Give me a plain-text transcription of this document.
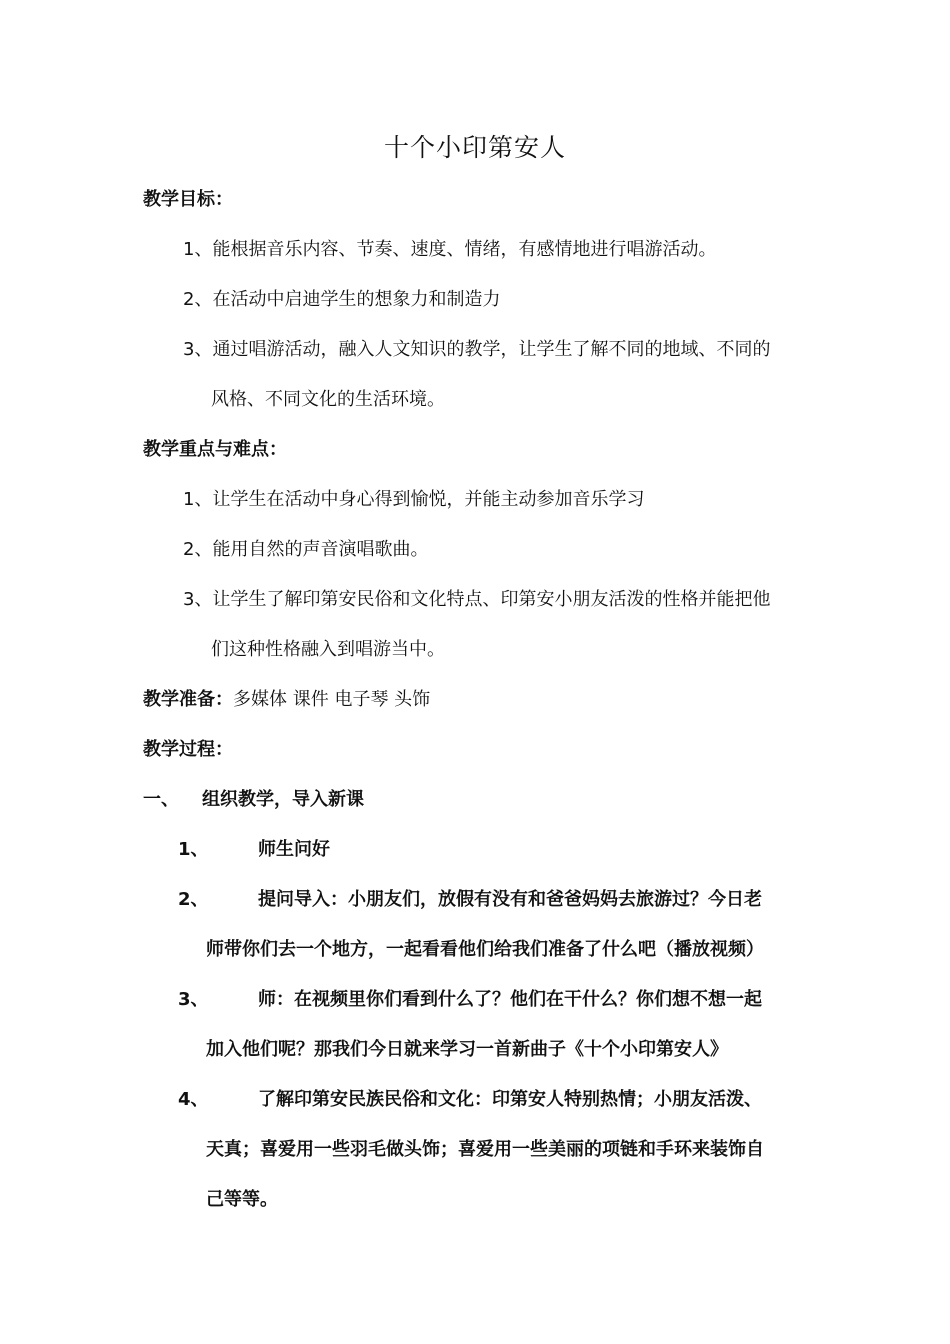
十个小印第安人
教学目标：
1、能根据音乐内容、节奏、速度、情绪，有感情地进行唱游活动。
2、在活动中启迪学生的想象力和制造力
3、通过唱游活动，融入人文知识的教学，让学生了解不同的地域、不同的
风格、不同文化的生活环境。
教学重点与难点：
1、让学生在活动中身心得到愉悦，并能主动参加音乐学习
2、能用自然的声音演唱歌曲。
3、让学生了解印第安民俗和文化特点、印第安小朋友活泼的性格并能把他
们这种性格融入到唱游当中。
教学准备：多媒体 课件 电子琴 头饰
教学过程：
一、 组织教学，导入新课
1、	师生问好
2、	提问导入：小朋友们，放假有没有和爸爸妈妈去旅游过？今日老
师带你们去一个地方，一起看看他们给我们准备了什么吧（播放视频）
3、	师：在视频里你们看到什么了？他们在干什么？你们想不想一起
加入他们呢？那我们今日就来学习一首新曲子《十个小印第安人》
4、	了解印第安民族民俗和文化：印第安人特别热情；小朋友活泼、
天真；喜爱用一些羽毛做头饰；喜爱用一些美丽的项链和手环来装饰自
己等等。
